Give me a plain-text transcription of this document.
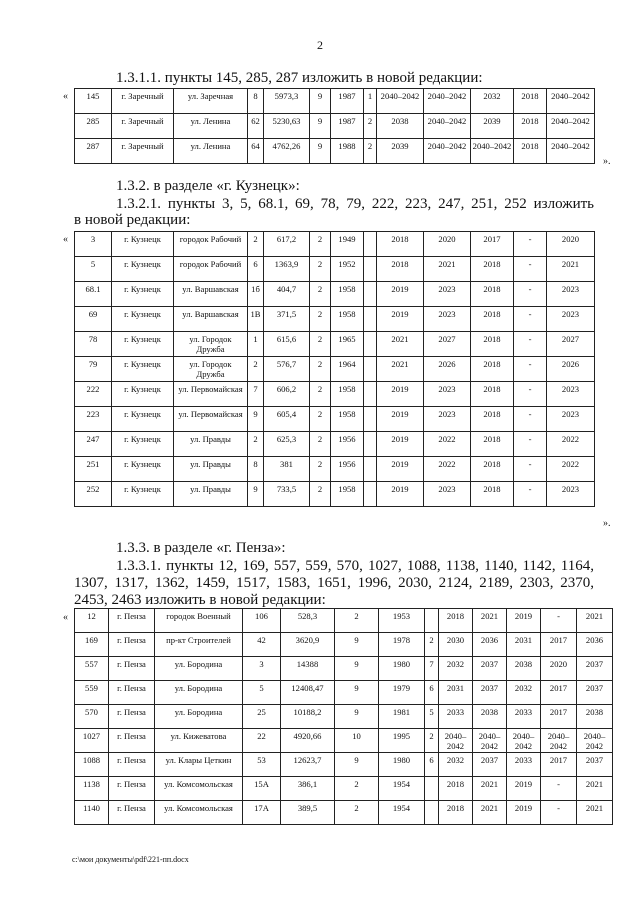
2
1.3.1.1. пункты 145, 285, 287 изложить в новой редакции:
« 145	г. Заречный	ул. Заречная	8	5973,3	9	1987	1	2040–2042	2040–2042	2032	2018	2040–2042
285	г. Заречный	ул. Ленина	62	5230,63	9	1987	2	2038	2040–2042	2039	2018	2040–2042
287	г. Заречный	ул. Ленина	64	4762,26	9	1988	2	2039	2040–2042	2040–2042	2018	2040–2042
».
1.3.2. в разделе «г. Кузнецк»:
1.3.2.1. пункты 3, 5, 68.1, 69, 78, 79, 222, 223, 247, 251, 252 изложить
в новой редакции:
«	3	г. Кузнецк	городок Рабочий	2	617,2	2	1949		2018	2020	2017	-	2020
5	г. Кузнецк	городок Рабочий	6	1363,9	2	1952		2018	2021	2018	-	2021
68.1	г. Кузнецк	ул. Варшавская	1б	404,7	2	1958		2019	2023	2018	-	2023
69	г. Кузнецк	ул. Варшавская	1В	371,5	2	1958		2019	2023	2018	-	2023
78	г. Кузнецк	ул. Городок Дружба	1	615,6	2	1965		2021	2027	2018	-	2027
79	г. Кузнецк	ул. Городок Дружба	2	576,7	2	1964		2021	2026	2018	-	2026
222	г. Кузнецк	ул. Первомайская	7	606,2	2	1958		2019	2023	2018	-	2023
223	г. Кузнецк	ул. Первомайская	9	605,4	2	1958		2019	2023	2018	-	2023
247	г. Кузнецк	ул. Правды	2	625,3	2	1956		2019	2022	2018	-	2022
251	г. Кузнецк	ул. Правды	8	381	2	1956		2019	2022	2018	-	2022
252	г. Кузнецк	ул. Правды	9	733,5	2	1958		2019	2023	2018	-	2023
».
1.3.3. в разделе «г. Пенза»:
1.3.3.1. пункты 12, 169, 557, 559, 570, 1027, 1088, 1138, 1140, 1142, 1164,
1307, 1317, 1362, 1459, 1517, 1583, 1651, 1996, 2030, 2124, 2189, 2303, 2370,
2453, 2463 изложить в новой редакции:
« 12	г. Пенза	городок Военный	106	528,3	2	1953		2018	2021	2019	-	2021
169	г. Пенза	пр-кт Строителей	42	3620,9	9	1978	2	2030	2036	2031	2017	2036
557	г. Пенза	ул. Бородина	3	14388	9	1980	7	2032	2037	2038	2020	2037
559	г. Пенза	ул. Бородина	5	12408,47	9	1979	6	2031	2037	2032	2017	2037
570	г. Пенза	ул. Бородина	25	10188,2	9	1981	5	2033	2038	2033	2017	2038
1027	г. Пенза	ул. Кижеватова	22	4920,66	10	1995	2	2040–2042	2040–2042	2040–2042	2040–2042	2040–2042
1088	г. Пенза	ул. Клары Цеткин	53	12623,7	9	1980	6	2032	2037	2033	2017	2037
1138	г. Пенза	ул. Комсомольская	15А	386,1	2	1954		2018	2021	2019	-	2021
1140	г. Пенза	ул. Комсомольская	17А	389,5	2	1954		2018	2021	2019	-	2021
c:\мои документы\pdf\221-пп.docx
